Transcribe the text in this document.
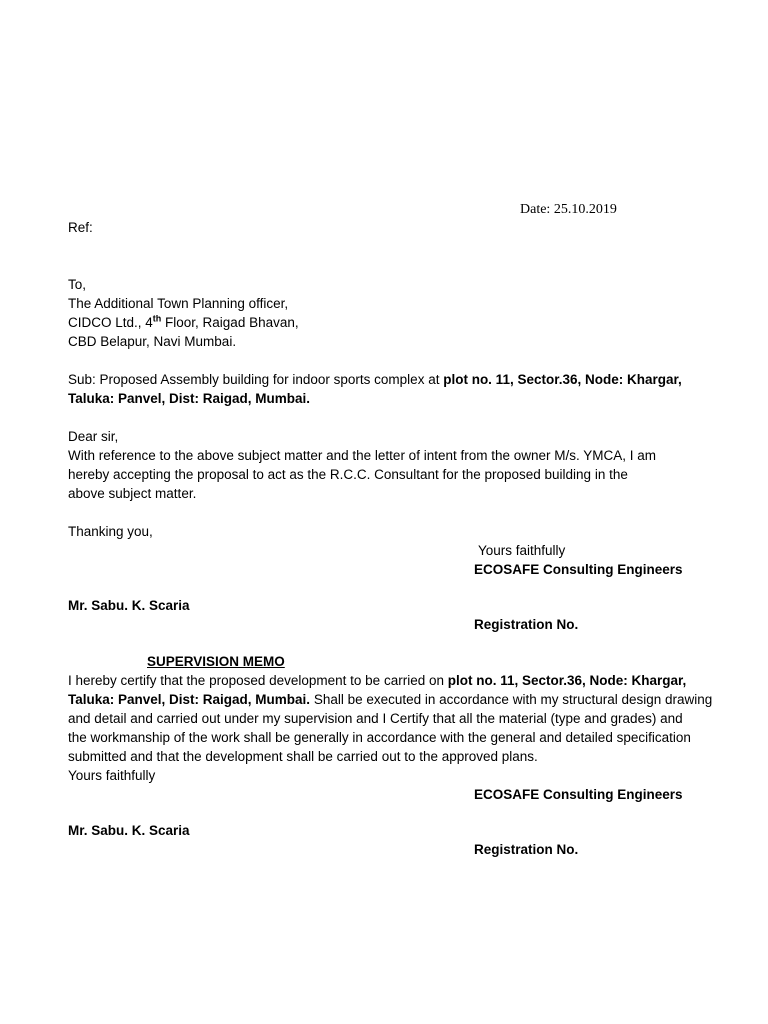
Date: 25.10.2019
Ref:
To,
The Additional Town Planning officer,
CIDCO Ltd., 4th Floor, Raigad Bhavan,
CBD Belapur, Navi Mumbai.
Sub: Proposed Assembly building for indoor sports complex at plot no. 11, Sector.36, Node: Khargar,
Taluka: Panvel, Dist: Raigad, Mumbai.
Dear sir,
With reference to the above subject matter and the letter of intent from the owner M/s. YMCA, I am
hereby accepting the proposal to act as the R.C.C. Consultant for the proposed building in the
above subject matter.
Thanking you,
Yours faithfully
ECOSAFE Consulting Engineers
Mr. Sabu. K. Scaria
Registration No.
SUPERVISION MEMO
I hereby certify that the proposed development to be carried on plot no. 11, Sector.36, Node: Khargar,
Taluka: Panvel, Dist: Raigad, Mumbai. Shall be executed in accordance with my structural design drawing
and detail and carried out under my supervision and I Certify that all the material (type and grades) and
the workmanship of the work shall be generally in accordance with the general and detailed specification
submitted and that the development shall be carried out to the approved plans.
Yours faithfully
ECOSAFE Consulting Engineers
Mr. Sabu. K. Scaria
Registration No.
